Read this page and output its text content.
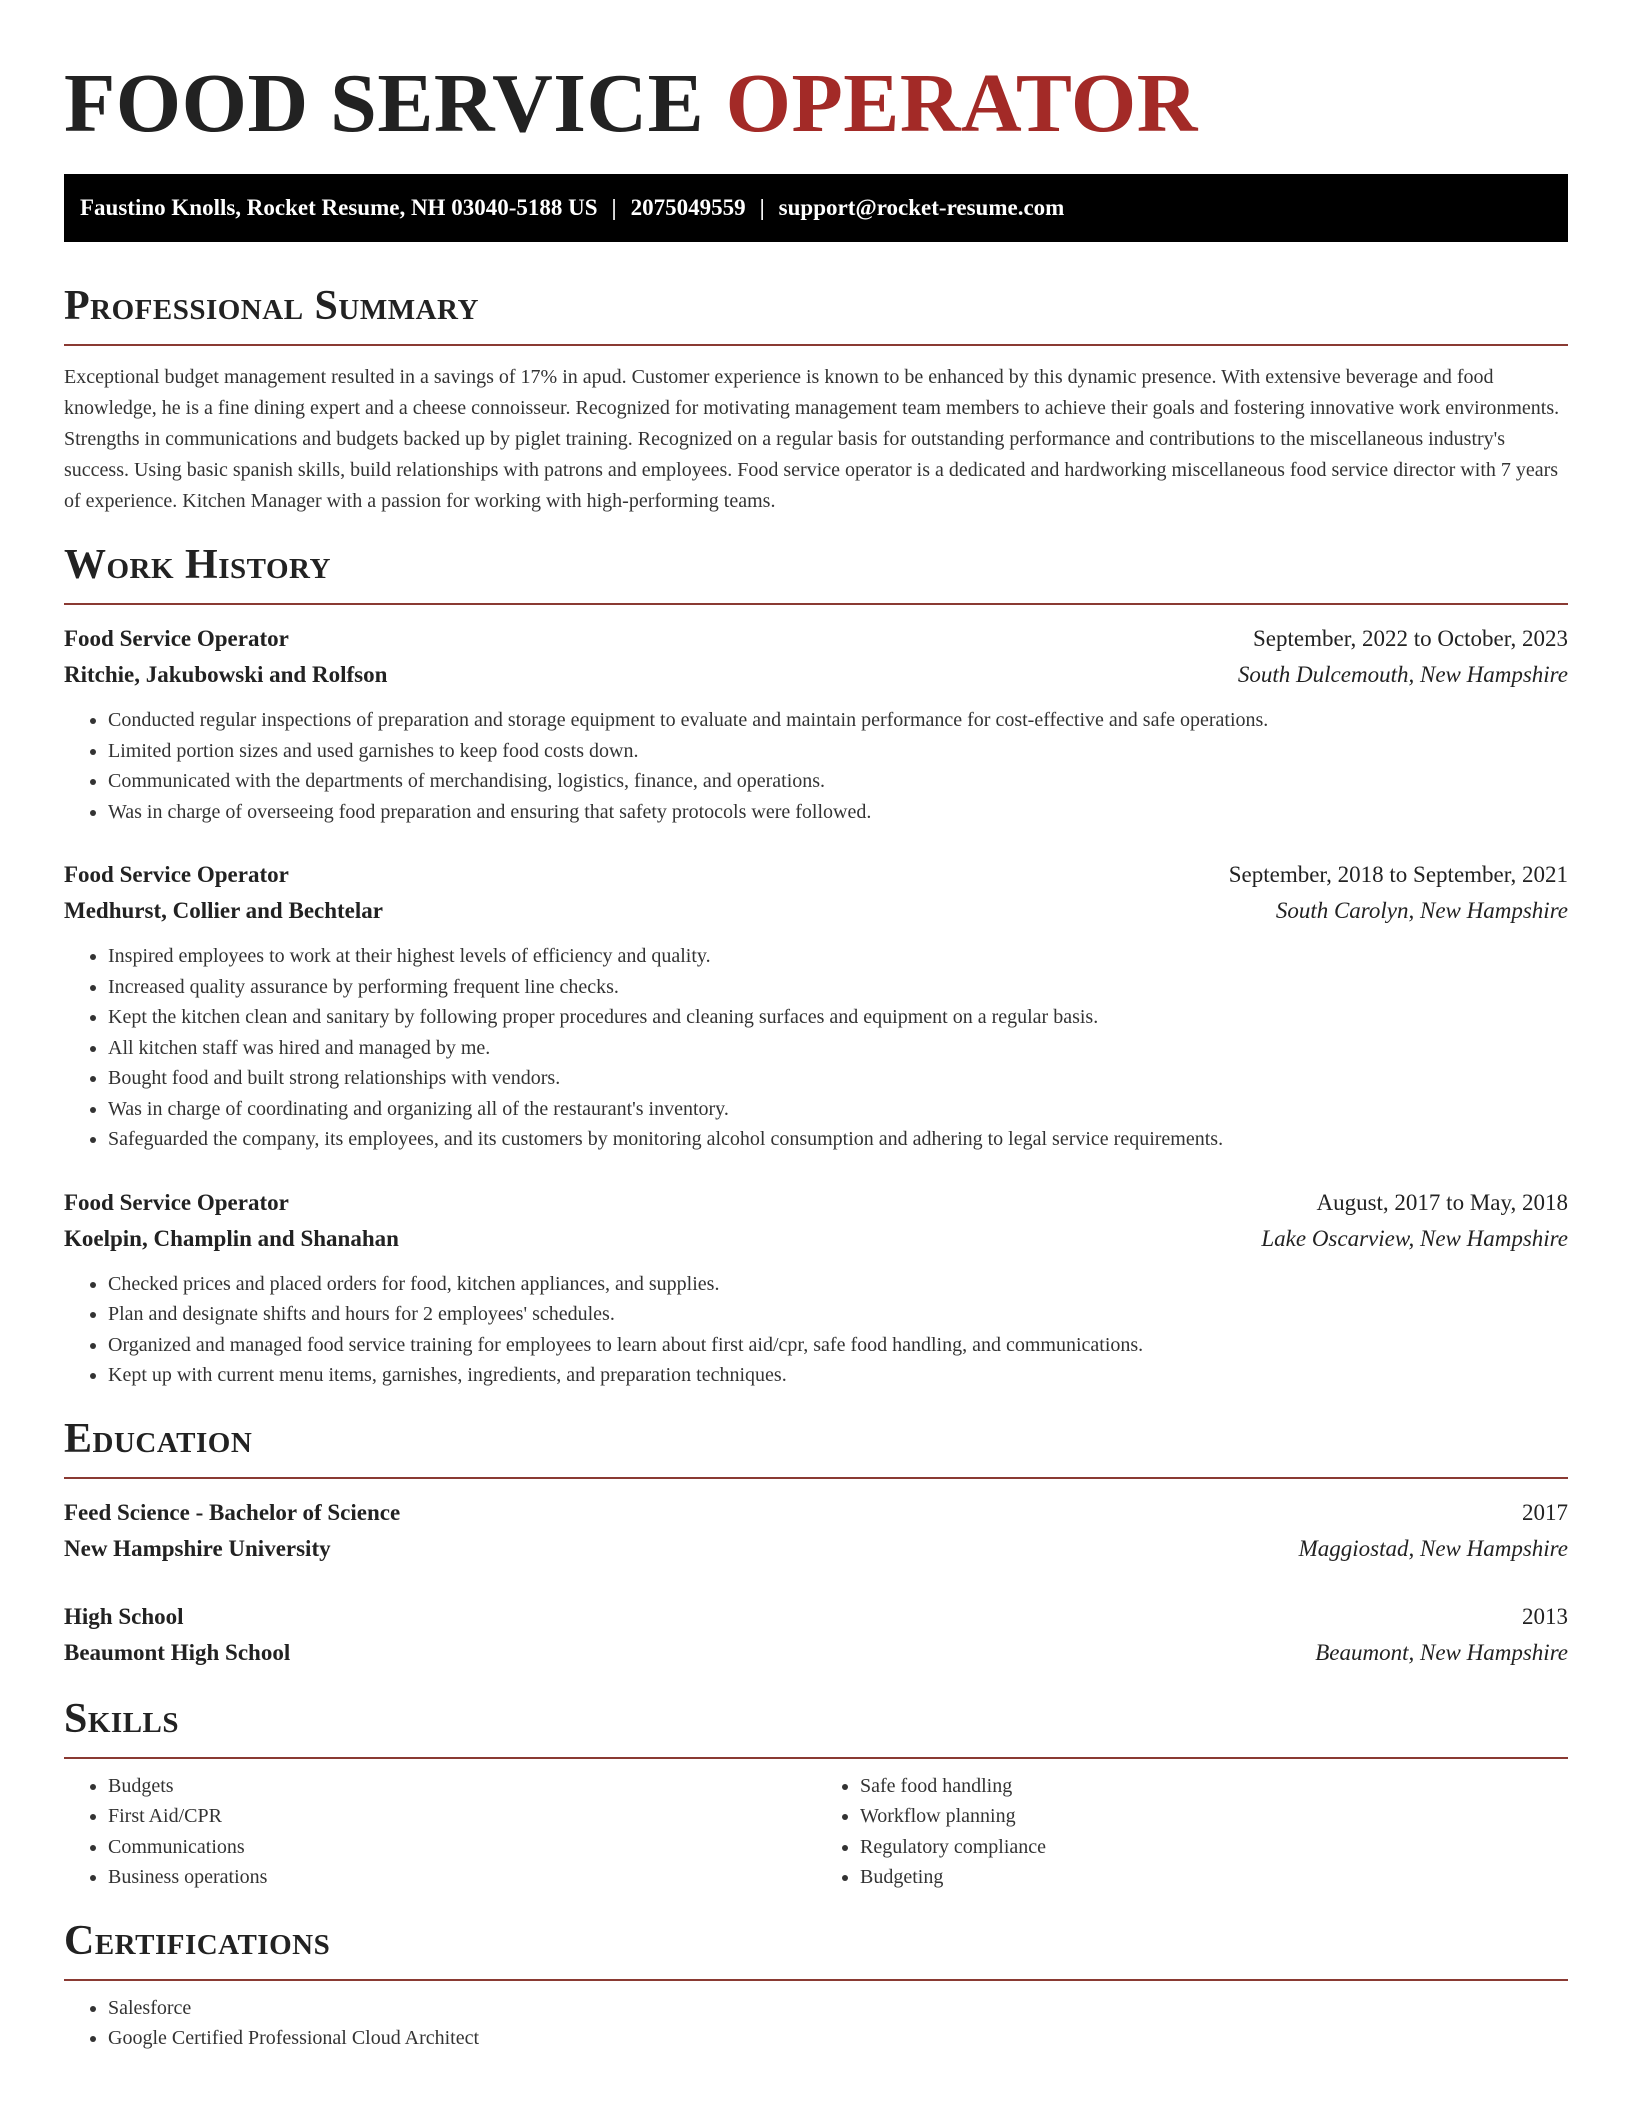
FOOD SERVICE OPERATOR
Faustino Knolls, Rocket Resume, NH 03040-5188 US | 2075049559 | support@rocket-resume.com
Professional Summary

Exceptional budget management resulted in a savings of 17% in apud. Customer experience is known to be enhanced by this dynamic presence. With extensive beverage and food knowledge, he is a fine dining expert and a cheese connoisseur. Recognized for motivating management team members to achieve their goals and fostering innovative work environments. Strengths in communications and budgets backed up by piglet training. Recognized on a regular basis for outstanding performance and contributions to the miscellaneous industry's success. Using basic spanish skills, build relationships with patrons and employees. Food service operator is a dedicated and hardworking miscellaneous food service director with 7 years of experience. Kitchen Manager with a passion for working with high-performing teams.

Work History
Food Service Operator	September, 2022 to October, 2023
Ritchie, Jakubowski and Rolfson	South Dulcemouth, New Hampshire
• Conducted regular inspections of preparation and storage equipment to evaluate and maintain performance for cost-effective and safe operations.
• Limited portion sizes and used garnishes to keep food costs down.
• Communicated with the departments of merchandising, logistics, finance, and operations.
• Was in charge of overseeing food preparation and ensuring that safety protocols were followed.
Food Service Operator	September, 2018 to September, 2021
Medhurst, Collier and Bechtelar	South Carolyn, New Hampshire
• Inspired employees to work at their highest levels of efficiency and quality.
• Increased quality assurance by performing frequent line checks.
• Kept the kitchen clean and sanitary by following proper procedures and cleaning surfaces and equipment on a regular basis.
• All kitchen staff was hired and managed by me.
• Bought food and built strong relationships with vendors.
• Was in charge of coordinating and organizing all of the restaurant's inventory.
• Safeguarded the company, its employees, and its customers by monitoring alcohol consumption and adhering to legal service requirements.
Food Service Operator	August, 2017 to May, 2018
Koelpin, Champlin and Shanahan	Lake Oscarview, New Hampshire
• Checked prices and placed orders for food, kitchen appliances, and supplies.
• Plan and designate shifts and hours for 2 employees' schedules.
• Organized and managed food service training for employees to learn about first aid/cpr, safe food handling, and communications.
• Kept up with current menu items, garnishes, ingredients, and preparation techniques.
Education
Feed Science - Bachelor of Science	2017
New Hampshire University	Maggiostad, New Hampshire
High School	2013
Beaumont High School	Beaumont, New Hampshire
Skills
• Budgets
• First Aid/CPR
• Communications
• Business operations
• Safe food handling
• Workflow planning
• Regulatory compliance
• Budgeting
Certifications
• Salesforce
• Google Certified Professional Cloud Architect
